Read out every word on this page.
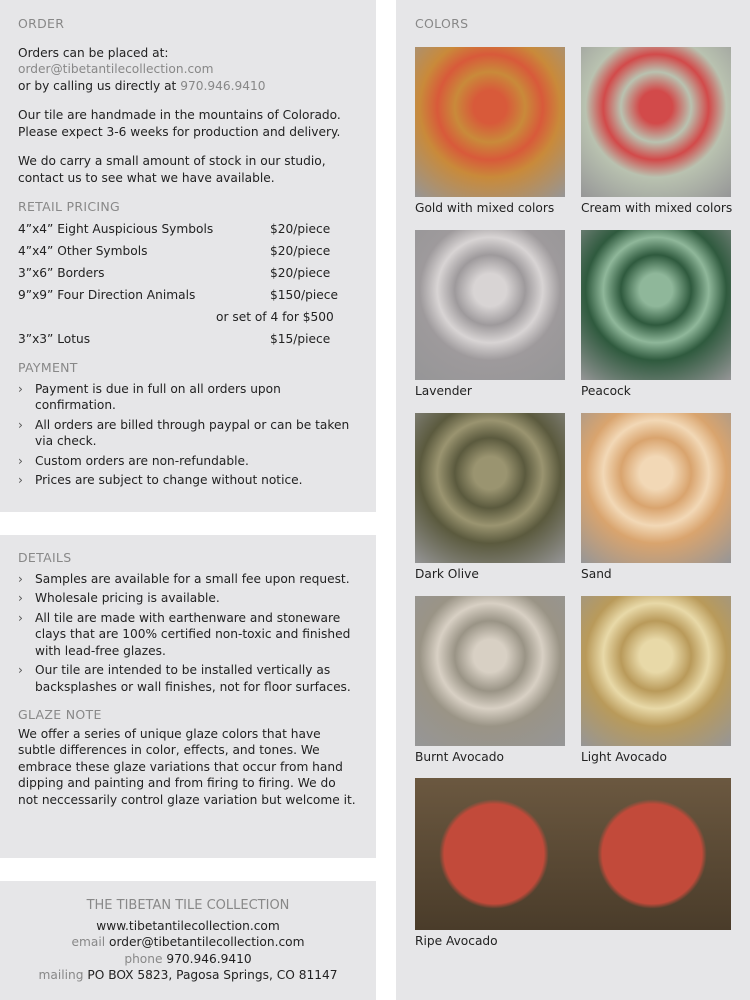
ORDER

Orders can be placed at:
order@tibetantilecollection.com
or by calling us directly at 970.946.9410

Our tile are handmade in the mountains of Colorado. Please expect 3-6 weeks for production and delivery.

We do carry a small amount of stock in our studio, contact us to see what we have available.

RETAIL PRICING
4”x4” Eight Auspicious Symbols	$20/piece
4”x4” Other Symbols	$20/piece
3”x6” Borders	$20/piece
9”x9” Four Direction Animals	$150/piece
or set of 4 for $500
3”x3” Lotus	$15/piece
PAYMENT
› Payment is due in full on all orders upon confirmation.
› All orders are billed through paypal or can be taken via check.
› Custom orders are non-refundable.
› Prices are subject to change without notice.
DETAILS
› Samples are available for a small fee upon request.
› Wholesale pricing is available.
› All tile are made with earthenware and stoneware clays that are 100% certified non-toxic and finished with lead-free glazes.
› Our tile are intended to be installed vertically as backsplashes or wall finishes, not for floor surfaces.
GLAZE NOTE

We offer a series of unique glaze colors that have subtle differences in color, effects, and tones. We embrace these glaze variations that occur from hand dipping and painting and from firing to firing. We do not neccessarily control glaze variation but welcome it.

THE TIBETAN TILE COLLECTION
www.tibetantilecollection.com
email order@tibetantilecollection.com
phone 970.946.9410
mailing PO BOX 5823, Pagosa Springs, CO 81147
COLORS
Gold with mixed colors Cream with mixed colors
Lavender	Peacock
Dark Olive	Sand
Burnt Avocado	Light Avocado
Ripe Avocado
